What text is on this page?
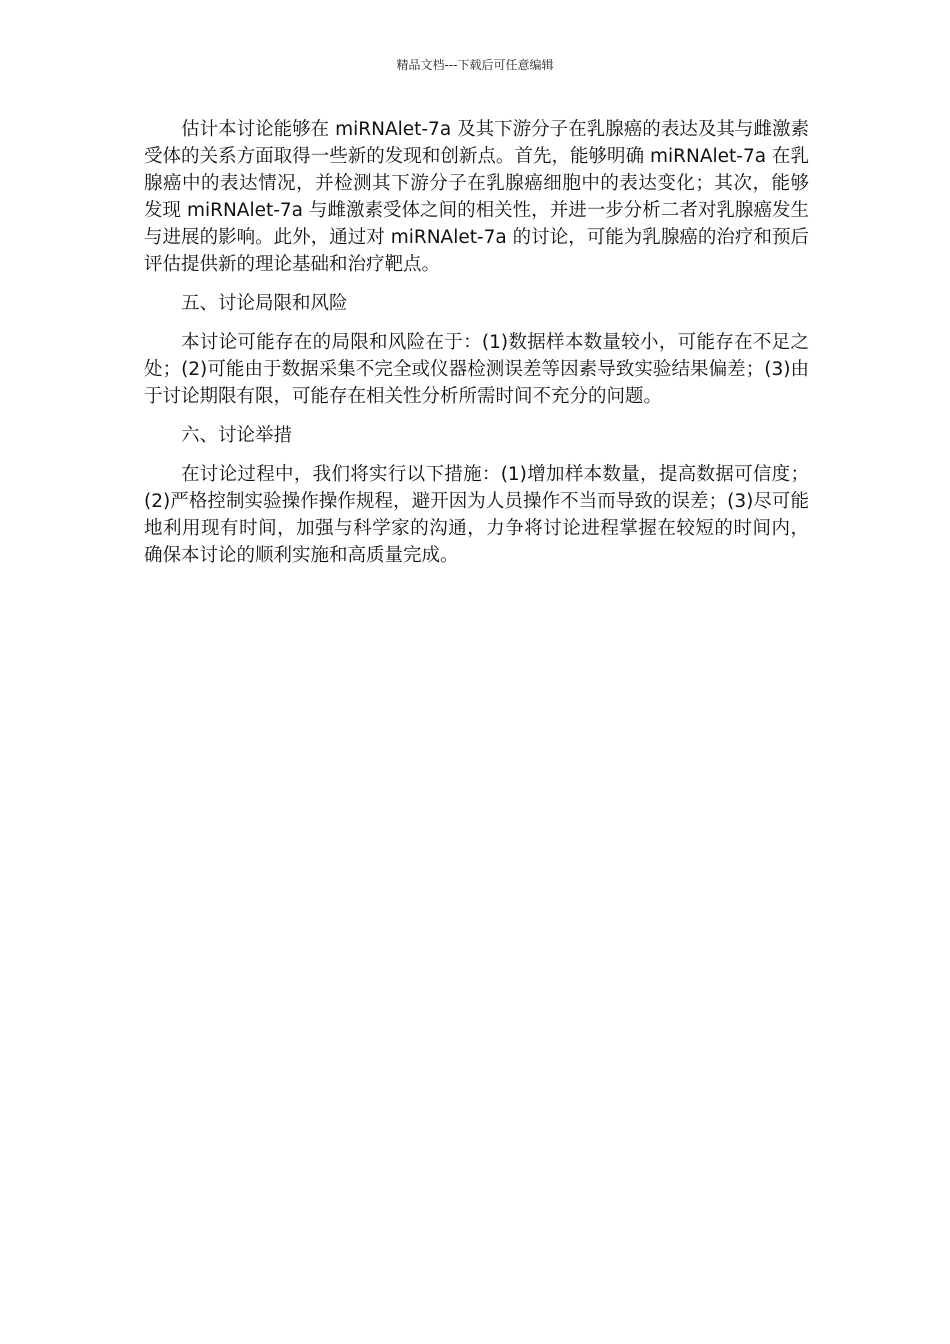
精品文档---下载后可任意编辑

估计本讨论能够在 miRNAlet-7a 及其下游分子在乳腺癌的表达及其与雌激素受体的关系方面取得一些新的发现和创新点。首先，能够明确 miRNAlet-7a 在乳腺癌中的表达情况，并检测其下游分子在乳腺癌细胞中的表达变化；其次，能够发现 miRNAlet-7a 与雌激素受体之间的相关性，并进一步分析二者对乳腺癌发生与进展的影响。此外，通过对 miRNAlet-7a 的讨论，可能为乳腺癌的治疗和预后评估提供新的理论基础和治疗靶点。

五、讨论局限和风险

本讨论可能存在的局限和风险在于：(1)数据样本数量较小，可能存在不足之处；(2)可能由于数据采集不完全或仪器检测误差等因素导致实验结果偏差；(3)由于讨论期限有限，可能存在相关性分析所需时间不充分的问题。

六、讨论举措

在讨论过程中，我们将实行以下措施：(1)增加样本数量，提高数据可信度；(2)严格控制实验操作操作规程，避开因为人员操作不当而导致的误差；(3)尽可能地利用现有时间，加强与科学家的沟通，力争将讨论进程掌握在较短的时间内，确保本讨论的顺利实施和高质量完成。
